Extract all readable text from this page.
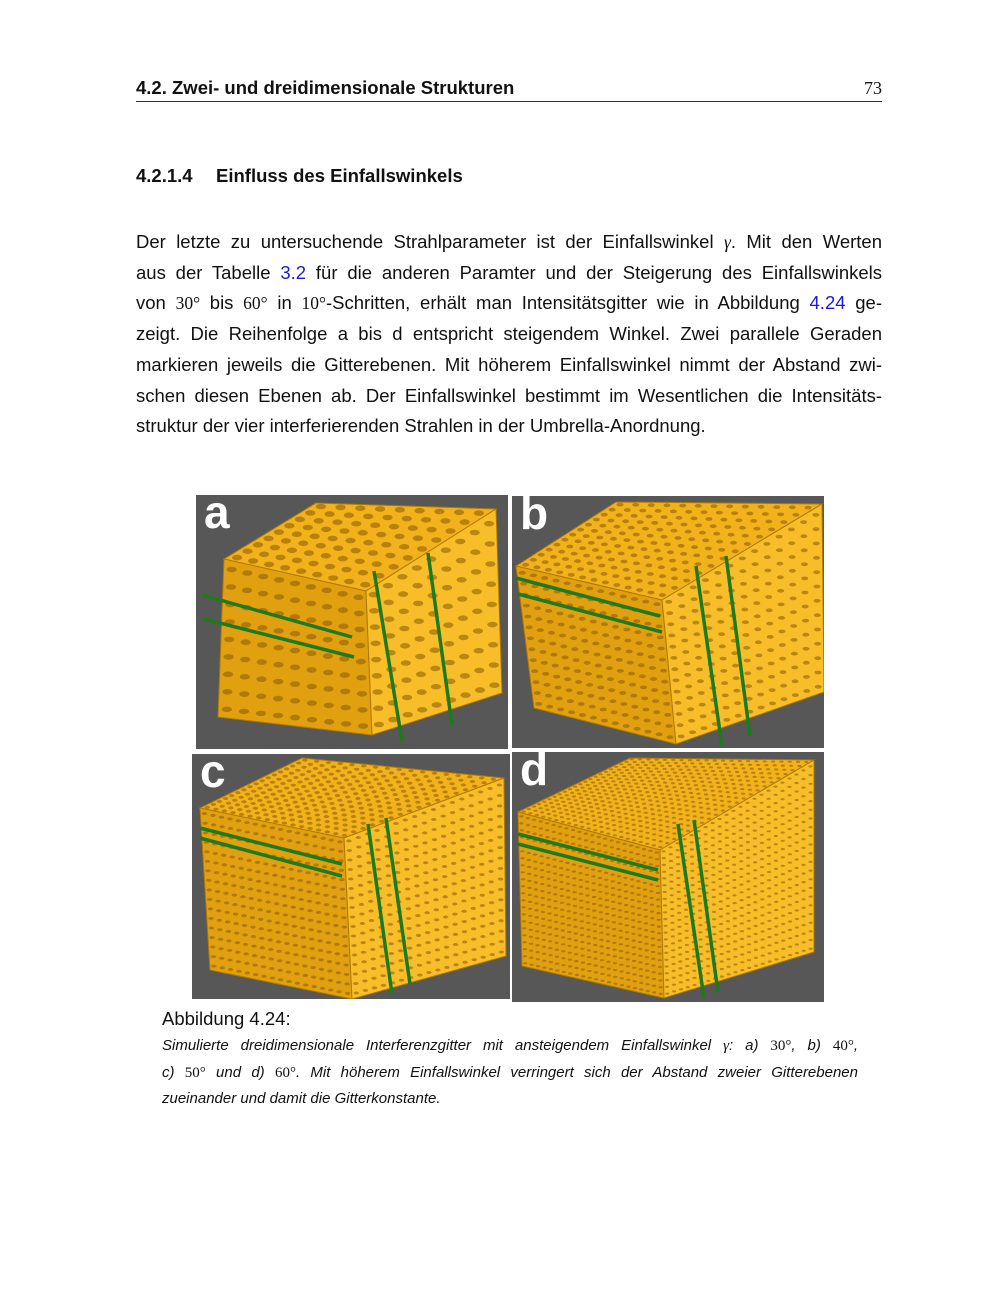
4.2. Zwei- und dreidimensionale Strukturen	73
4.2.1.4 Einfluss des Einfallswinkels
Der letzte zu untersuchende Strahlparameter ist der Einfallswinkel γ. Mit den Werten
aus der Tabelle 3.2 für die anderen Paramter und der Steigerung des Einfallswinkels
von 30° bis 60° in 10°-Schritten, erhält man Intensitätsgitter wie in Abbildung 4.24 ge-
zeigt. Die Reihenfolge a bis d entspricht steigendem Winkel. Zwei parallele Geraden
markieren jeweils die Gitterebenen. Mit höherem Einfallswinkel nimmt der Abstand zwi-
schen diesen Ebenen ab. Der Einfallswinkel bestimmt im Wesentlichen die Intensitäts-
struktur der vier interferierenden Strahlen in der Umbrella-Anordnung.
a	b
c	d
Abbildung 4.24:
Simulierte dreidimensionale Interferenzgitter mit ansteigendem Einfallswinkel γ: a) 30°, b) 40°,
c) 50° und d) 60°. Mit höherem Einfallswinkel verringert sich der Abstand zweier Gitterebenen
zueinander und damit die Gitterkonstante.
